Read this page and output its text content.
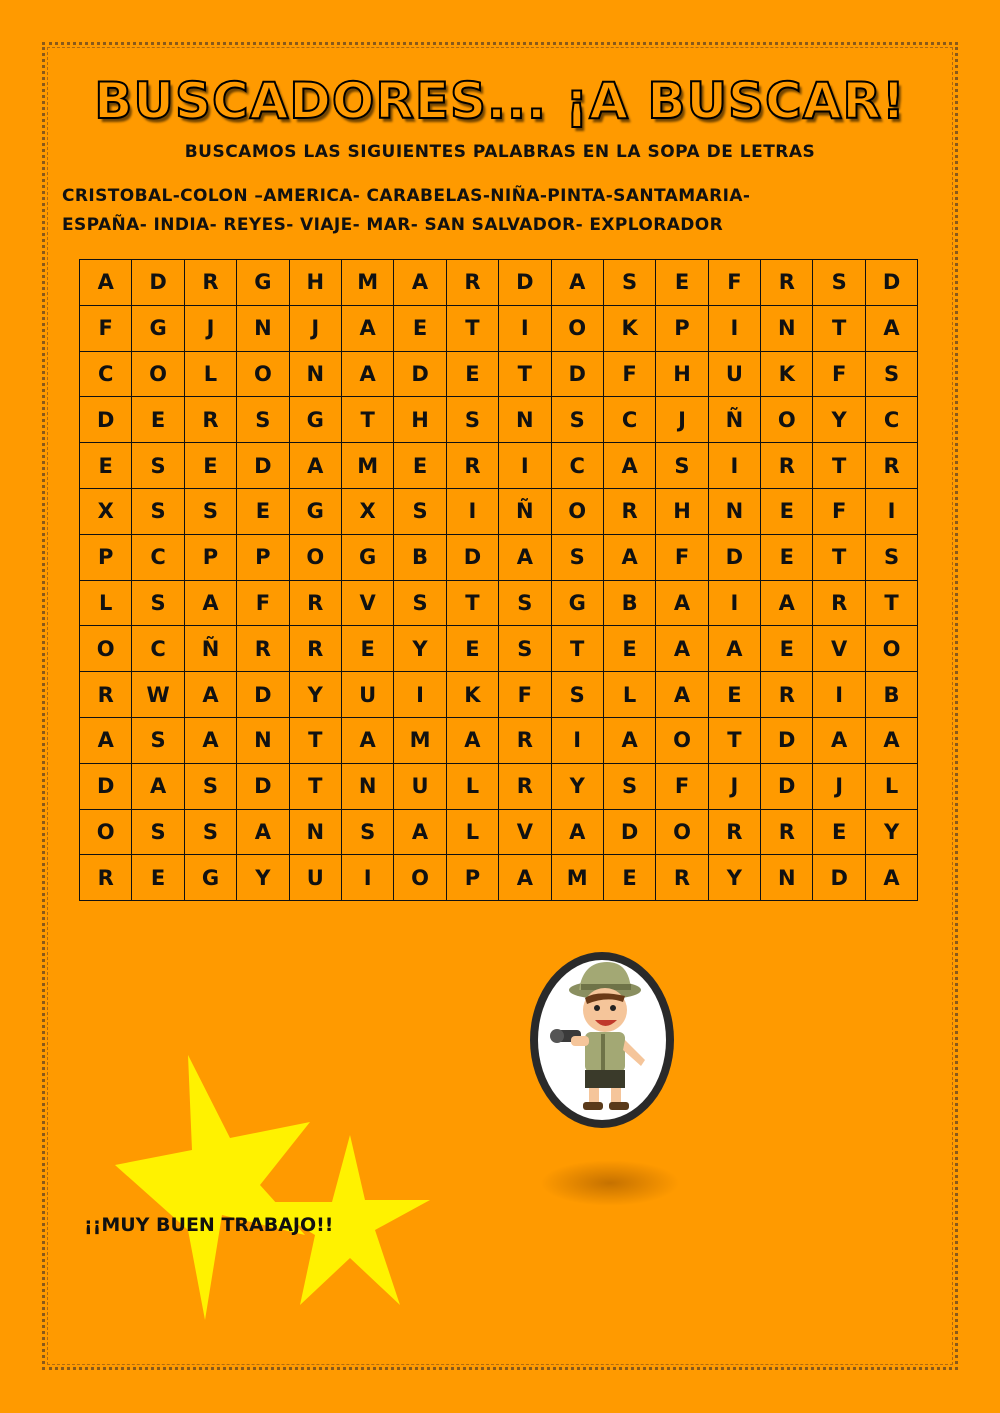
BUSCADORES... ¡A BUSCAR!
BUSCAMOS LAS SIGUIENTES PALABRAS EN LA SOPA DE LETRAS
CRISTOBAL-COLON –AMERICA- CARABELAS-NIÑA-PINTA-SANTAMARIA-
ESPAÑA- INDIA- REYES- VIAJE- MAR- SAN SALVADOR- EXPLORADOR
A	D	R	G	H	M	A	R	D	A	S	E	F	R	S	D
F	G	J	N	J	A	E	T	I	O	K	P	I	N	T	A
C	O	L	O	N	A	D	E	T	D	F	H	U	K	F	S
D	E	R	S	G	T	H	S	N	S	C	J	Ñ	O	Y	C
E	S	E	D	A	M	E	R	I	C	A	S	I	R	T	R
X	S	S	E	G	X	S	I	Ñ	O	R	H	N	E	F	I
P	C	P	P	O	G	B	D	A	S	A	F	D	E	T	S
L	S	A	F	R	V	S	T	S	G	B	A	I	A	R	T
O	C	Ñ	R	R	E	Y	E	S	T	E	A	A	E	V	O
R	W	A	D	Y	U	I	K	F	S	L	A	E	R	I	B
A	S	A	N	T	A	M	A	R	I	A	O	T	D	A	A
D	A	S	D	T	N	U	L	R	Y	S	F	J	D	J	L
O	S	S	A	N	S	A	L	V	A	D	O	R	R	E	Y
R	E	G	Y	U	I	O	P	A	M	E	R	Y	N	D	A
¡¡MUY BUEN TRABAJO!!
